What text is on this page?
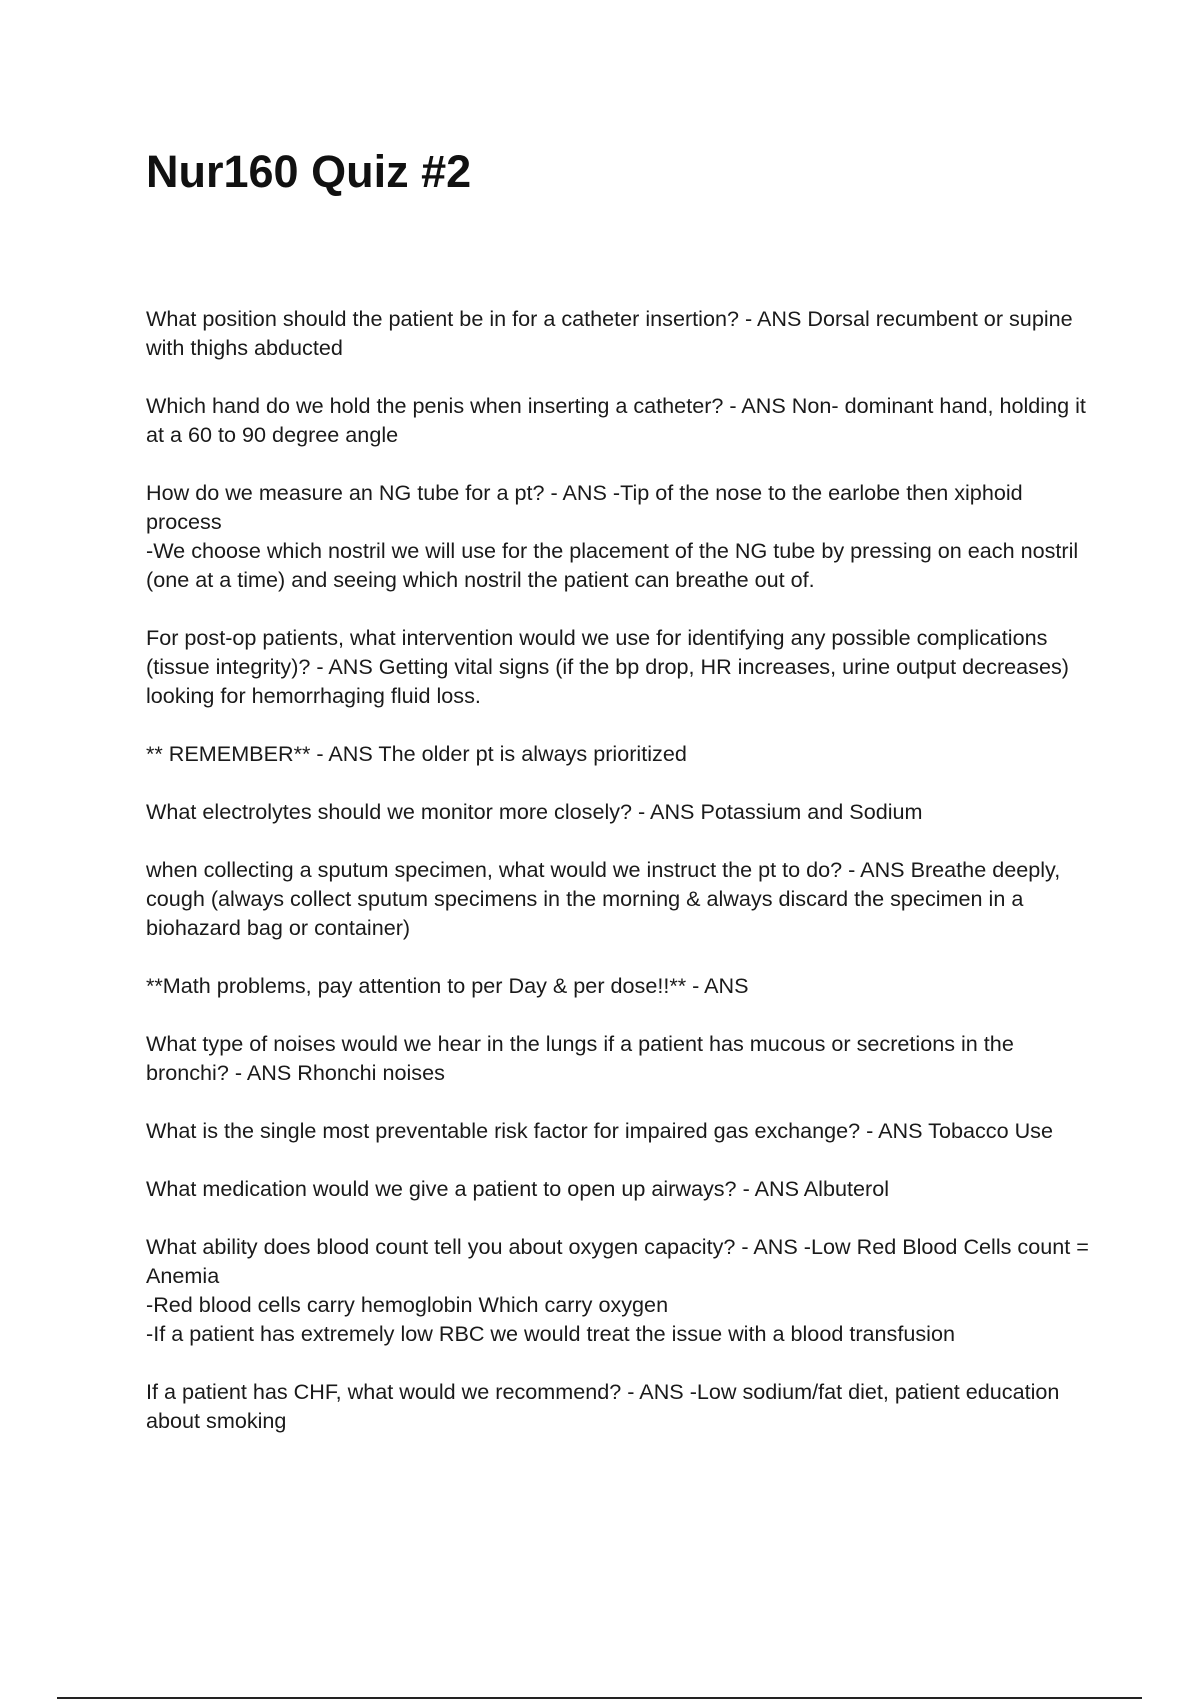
Nur160 Quiz #2

What position should the patient be in for a catheter insertion? - ANS Dorsal recumbent or supine with thighs abducted

Which hand do we hold the penis when inserting a catheter? - ANS Non- dominant hand, holding it at a 60 to 90 degree angle

How do we measure an NG tube for a pt? - ANS -Tip of the nose to the earlobe then xiphoid process
-We choose which nostril we will use for the placement of the NG tube by pressing on each nostril (one at a time) and seeing which nostril the patient can breathe out of.

For post-op patients, what intervention would we use for identifying any possible complications (tissue integrity)? - ANS Getting vital signs (if the bp drop, HR increases, urine output decreases) looking for hemorrhaging fluid loss.

** REMEMBER** - ANS The older pt is always prioritized

What electrolytes should we monitor more closely? - ANS Potassium and Sodium

when collecting a sputum specimen, what would we instruct the pt to do? - ANS Breathe deeply, cough (always collect sputum specimens in the morning & always discard the specimen in a biohazard bag or container)

**Math problems, pay attention to per Day & per dose!!** - ANS

What type of noises would we hear in the lungs if a patient has mucous or secretions in the bronchi? - ANS Rhonchi noises

What is the single most preventable risk factor for impaired gas exchange? - ANS Tobacco Use

What medication would we give a patient to open up airways? - ANS Albuterol

What ability does blood count tell you about oxygen capacity? - ANS -Low Red Blood Cells count = Anemia
-Red blood cells carry hemoglobin Which carry oxygen
-If a patient has extremely low RBC we would treat the issue with a blood transfusion

If a patient has CHF, what would we recommend? - ANS -Low sodium/fat diet, patient education about smoking
